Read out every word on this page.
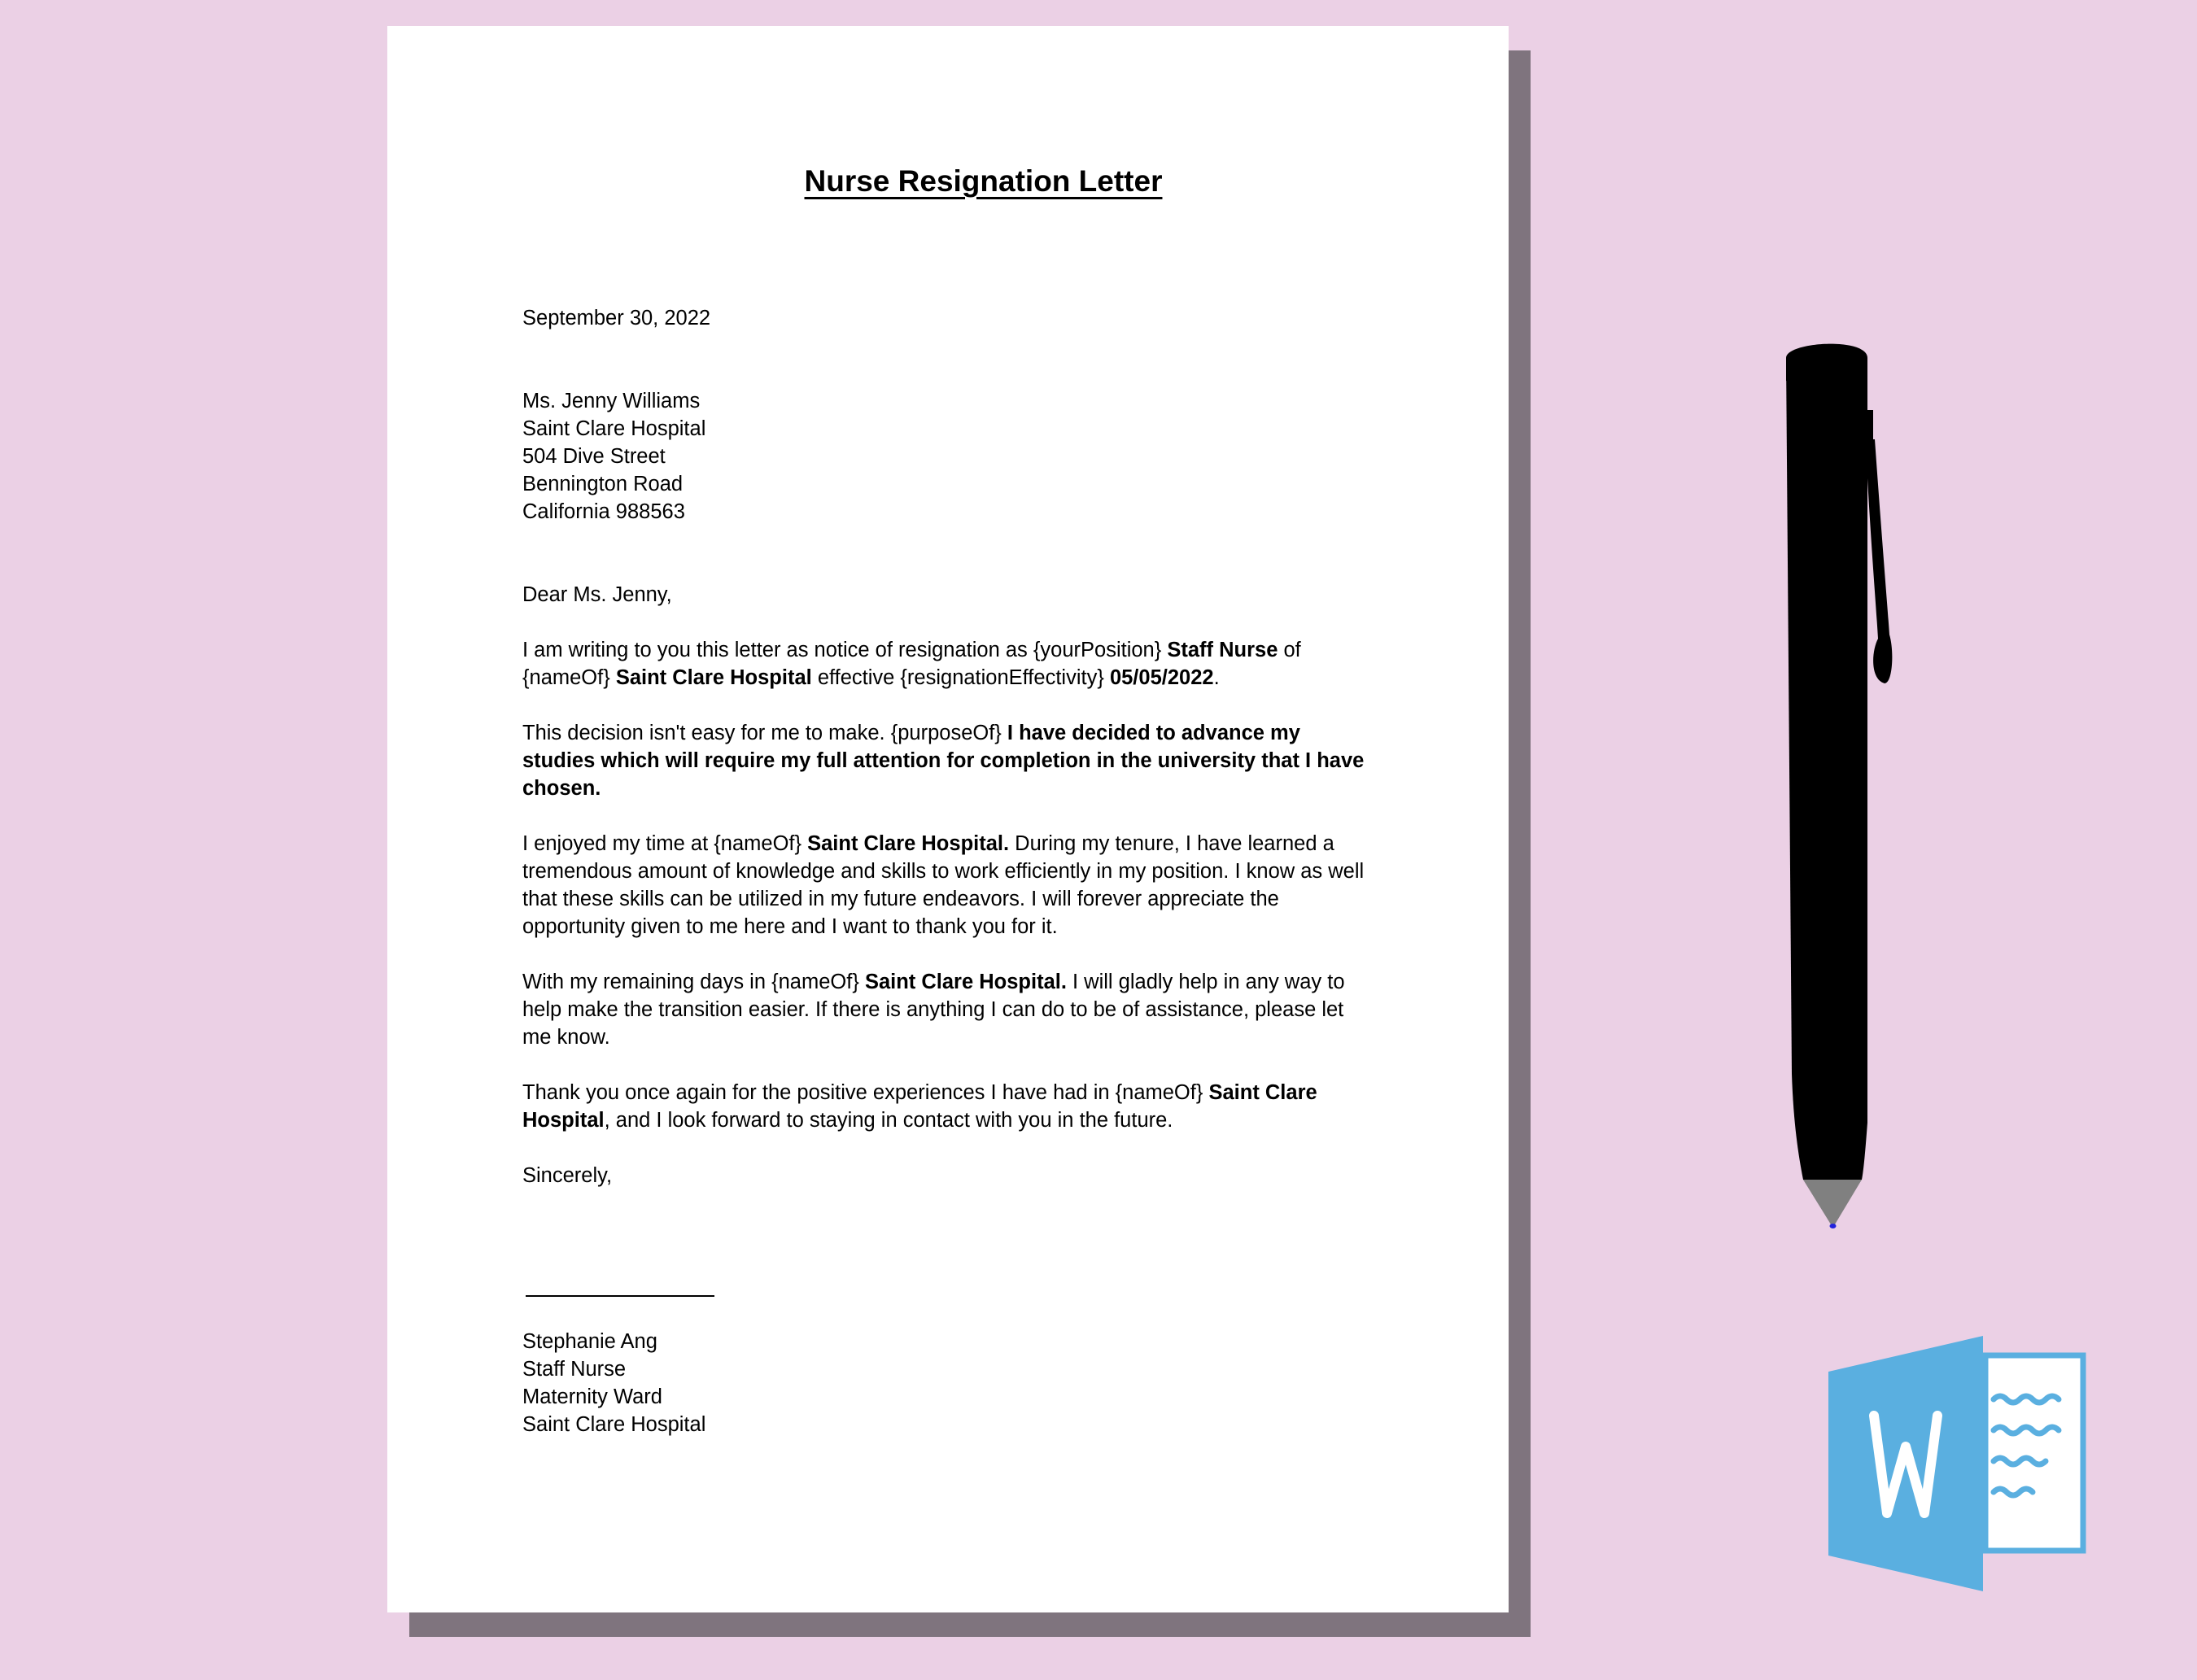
Nurse Resignation Letter

September 30, 2022

Ms. Jenny Williams

Saint Clare Hospital

504 Dive Street

Bennington Road

California 988563

Dear Ms. Jenny,

I am writing to you this letter as notice of resignation as {yourPosition} Staff Nurse of {nameOf} Saint Clare Hospital effective {resignationEffectivity} 05/05/2022.

This decision isn't easy for me to make. {purposeOf} I have decided to advance my studies which will require my full attention for completion in the university that I have chosen.

I enjoyed my time at {nameOf} Saint Clare Hospital. During my tenure, I have learned a tremendous amount of knowledge and skills to work efficiently in my position. I know as well that these skills can be utilized in my future endeavors. I will forever appreciate the opportunity given to me here and I want to thank you for it.

With my remaining days in {nameOf} Saint Clare Hospital. I will gladly help in any way to help make the transition easier. If there is anything I can do to be of assistance, please let me know.

Thank you once again for the positive experiences I have had in {nameOf} Saint Clare Hospital, and I look forward to staying in contact with you in the future.

Sincerely,

Stephanie Ang

Staff Nurse

Maternity Ward

Saint Clare Hospital
